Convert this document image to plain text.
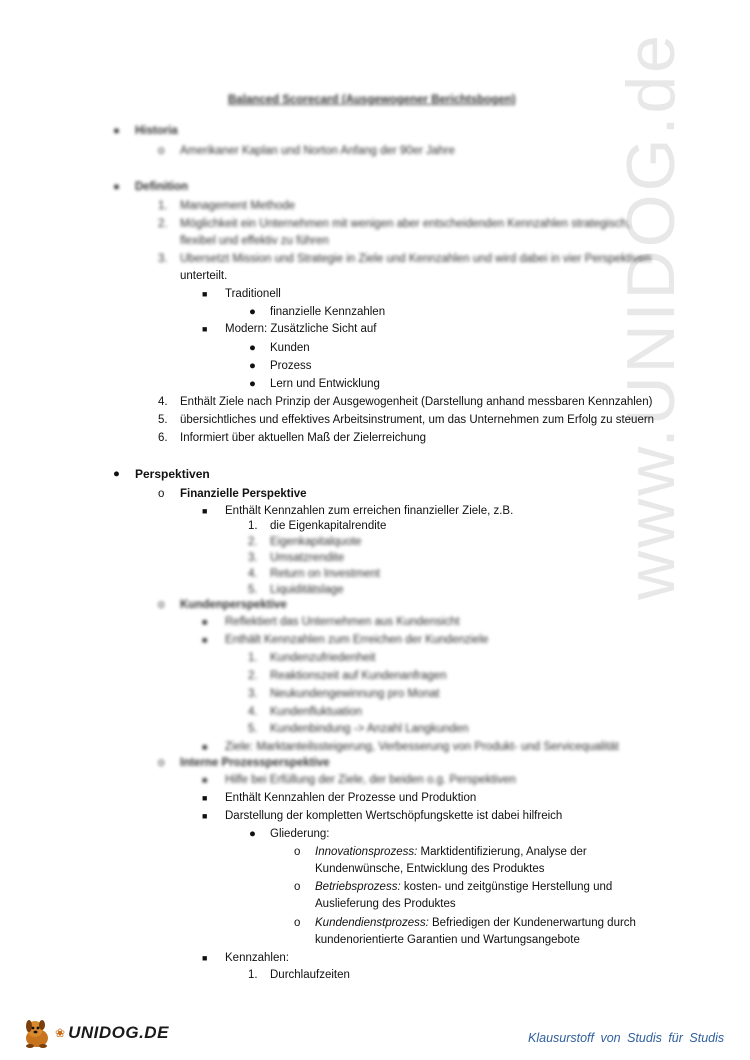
www.UNIDOG.de
Balanced Scorecard (Ausgewogener Berichtsbogen)
● Historia
o Amerikaner Kaplan und Norton Anfang der 90er Jahre
● Definition
1. Management Methode
2. Möglichkeit ein Unternehmen mit wenigen aber entscheidenden Kennzahlen strategisch,
flexibel und effektiv zu führen
3. Übersetzt Mission und Strategie in Ziele und Kennzahlen und wird dabei in vier Perspektiven
unterteilt.
■ Traditionell
● finanzielle Kennzahlen
■ Modern: Zusätzliche Sicht auf
● Kunden
● Prozess
● Lern und Entwicklung
4. Enthält Ziele nach Prinzip der Ausgewogenheit (Darstellung anhand messbaren Kennzahlen)
5. übersichtliches und effektives Arbeitsinstrument, um das Unternehmen zum Erfolg zu steuern
6. Informiert über aktuellen Maß der Zielerreichung
● Perspektiven
o Finanzielle Perspektive
■ Enthält Kennzahlen zum erreichen finanzieller Ziele, z.B.
1. die Eigenkapitalrendite
2. Eigenkapitalquote
3. Umsatzrendite
4. Return on Investment
5. Liquiditätslage
o Kundenperspektive
■ Reflektiert das Unternehmen aus Kundensicht
■ Enthält Kennzahlen zum Erreichen der Kundenziele
1. Kundenzufriedenheit
2. Reaktionszeit auf Kundenanfragen
3. Neukundengewinnung pro Monat
4. Kundenfluktuation
5. Kundenbindung -> Anzahl Langkunden
■ Ziele: Marktanteilssteigerung, Verbesserung von Produkt- und Servicequalität
o Interne Prozessperspektive
■ Hilfe bei Erfüllung der Ziele, der beiden o.g. Perspektiven
■ Enthält Kennzahlen der Prozesse und Produktion
■ Darstellung der kompletten Wertschöpfungskette ist dabei hilfreich
● Gliederung:
o Innovationsprozess: Marktidentifizierung, Analyse der
Kundenwünsche, Entwicklung des Produktes
o Betriebsprozess: kosten- und zeitgünstige Herstellung und
Auslieferung des Produktes
o Kundendienstprozess: Befriedigen der Kundenerwartung durch
kundenorientierte Garantien und Wartungsangebote
■ Kennzahlen:
1. Durchlaufzeiten
❀ UNIDOG.DE	Klausurstoff von Studis für Studis
